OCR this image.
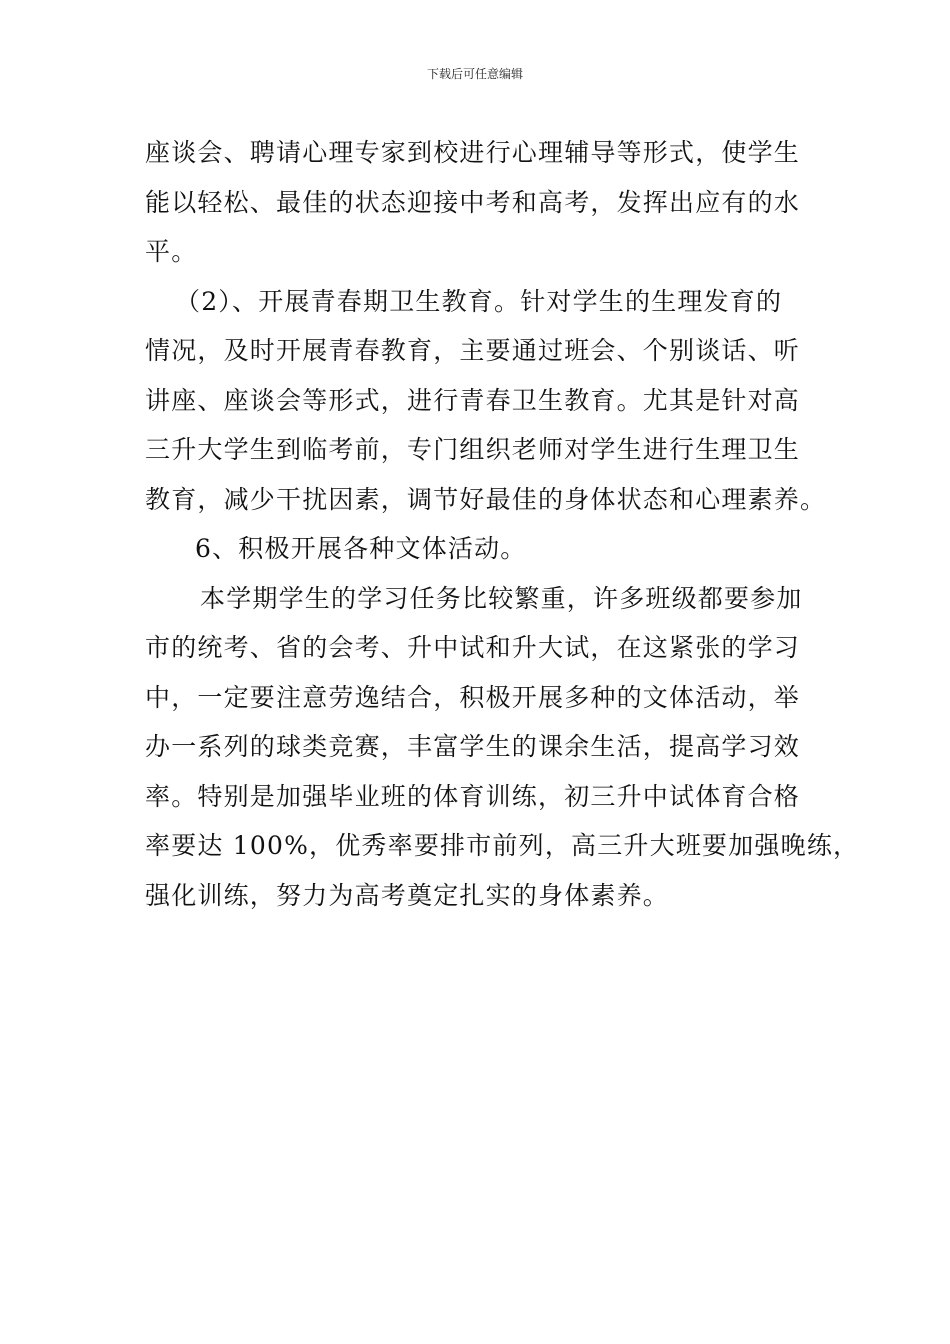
下载后可任意编辑
座谈会、聘请心理专家到校进行心理辅导等形式，使学生
能以轻松、最佳的状态迎接中考和高考，发挥出应有的水
平。
（2）、开展青春期卫生教育。针对学生的生理发育的
情况，及时开展青春教育，主要通过班会、个别谈话、听
讲座、座谈会等形式，进行青春卫生教育。尤其是针对高
三升大学生到临考前，专门组织老师对学生进行生理卫生
教育，减少干扰因素，调节好最佳的身体状态和心理素养。
6、积极开展各种文体活动。
本学期学生的学习任务比较繁重，许多班级都要参加
市的统考、省的会考、升中试和升大试，在这紧张的学习
中，一定要注意劳逸结合，积极开展多种的文体活动，举
办一系列的球类竞赛，丰富学生的课余生活，提高学习效
率。特别是加强毕业班的体育训练，初三升中试体育合格
率要达 100%，优秀率要排市前列，高三升大班要加强晚练，
强化训练，努力为高考奠定扎实的身体素养。
